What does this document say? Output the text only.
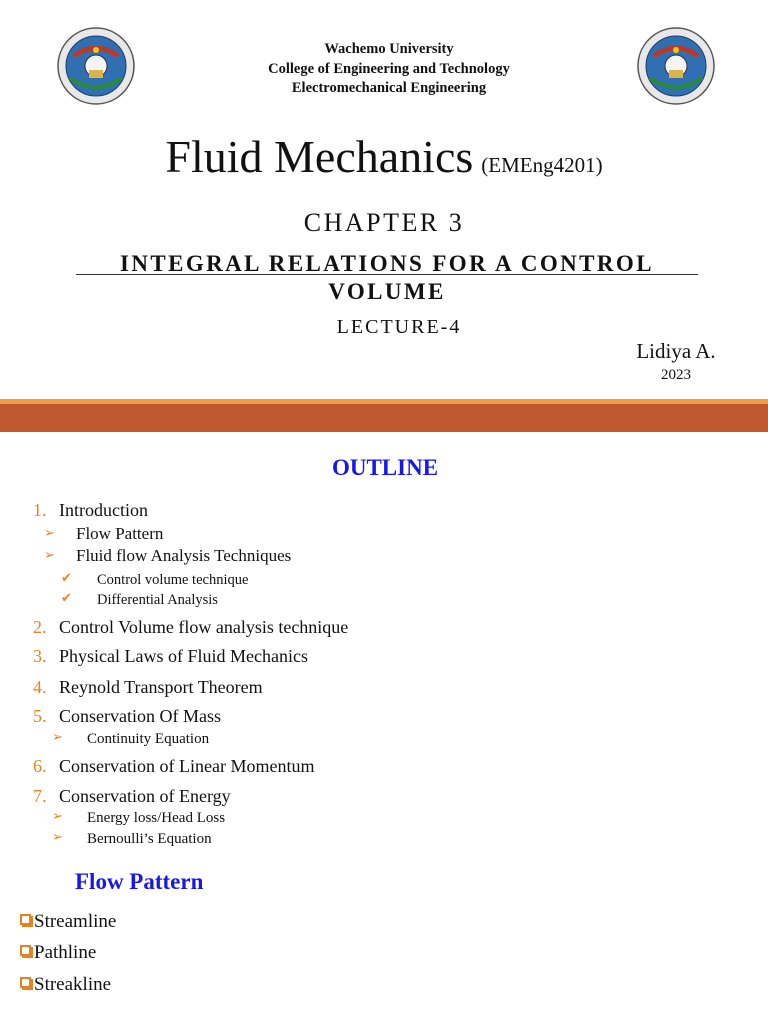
Wachemo University
College of Engineering and Technology
Electromechanical Engineering
Fluid Mechanics (EMEng4201)
CHAPTER 3
INTEGRAL RELATIONS FOR A CONTROL VOLUME
LECTURE-4
Lidiya A.
2023
OUTLINE
1. Introduction
➢ Flow Pattern
➢ Fluid flow Analysis Techniques
✔ Control volume technique
✔ Differential Analysis
2. Control Volume flow analysis technique
3. Physical Laws of Fluid Mechanics
4. Reynold Transport Theorem
5. Conservation Of Mass
➢ Continuity Equation
6. Conservation of Linear Momentum
7. Conservation of Energy
➢ Energy loss/Head Loss
➢ Bernoulli’s Equation
Flow Pattern
Streamline
Pathline
Streakline
